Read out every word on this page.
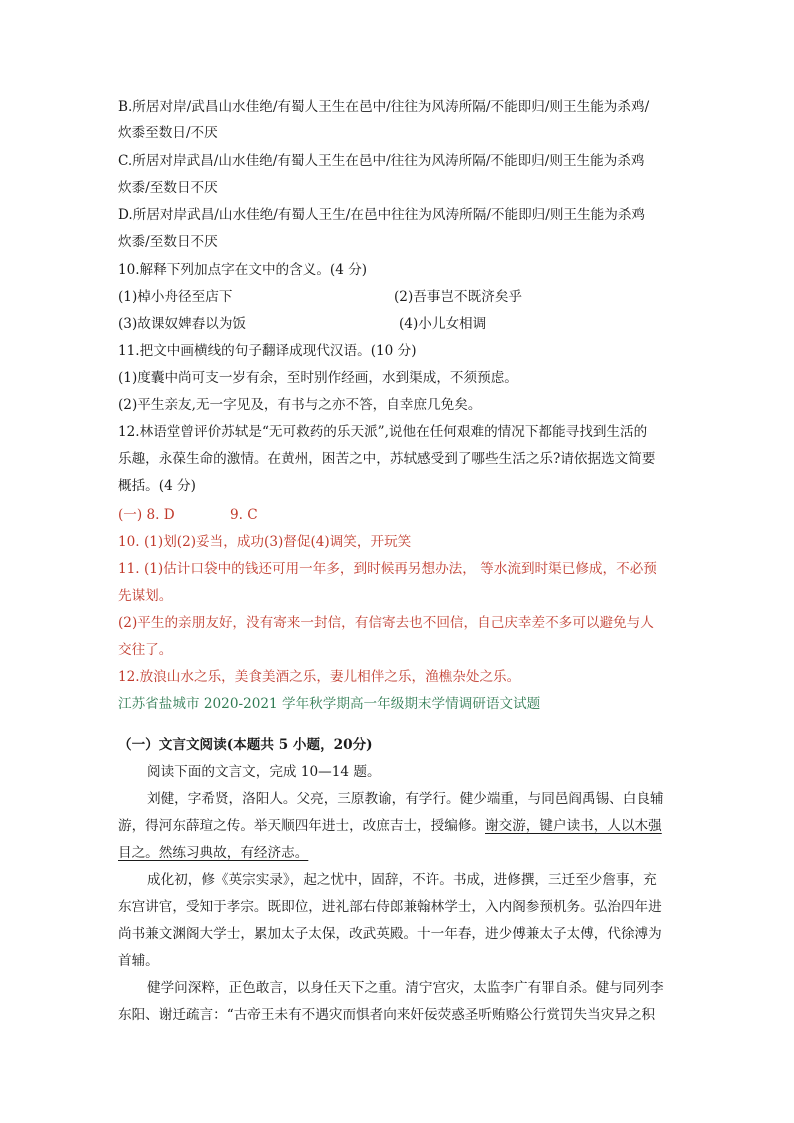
B.所居对岸/武昌山水佳绝/有蜀人王生在邑中/往往为风涛所隔/不能即归/则王生能为杀鸡/
炊黍至数日/不厌
C.所居对岸武昌/山水佳绝/有蜀人王生在邑中/往往为风涛所隔/不能即归/则王生能为杀鸡
炊黍/至数日不厌
D.所居对岸武昌/山水佳绝/有蜀人王生/在邑中往往为风涛所隔/不能即归/则王生能为杀鸡
炊黍/至数日不厌
10.解释下列加点字在文中的含义。(4 分)
(1)棹小舟径至店下	(2)吾事岂不既济矣乎
(3)故课奴婢舂以为饭	(4)小儿女相调
11.把文中画横线的句子翻译成现代汉语。(10 分)
(1)度囊中尚可支一岁有余，至时别作经画，水到渠成，不须预虑。
(2)平生亲友,无一字见及，有书与之亦不答，自幸庶几免矣。
12.林语堂曾评价苏轼是“无可救药的乐天派”,说他在任何艰难的情况下都能寻找到生活的
乐趣，永葆生命的激情。在黄州，困苦之中，苏轼感受到了哪些生活之乐?请依据选文简要
概括。(4 分)
(一) 8. D	9. C
10. (1)划(2)妥当，成功(3)督促(4)调笑，开玩笑
11. (1)估计口袋中的钱还可用一年多，到时候再另想办法， 等水流到时渠已修成，不必预
先谋划。
(2)平生的亲朋友好，没有寄来一封信，有信寄去也不回信，自己庆幸差不多可以避免与人
交往了。
12.放浪山水之乐，美食美酒之乐，妻儿相伴之乐，渔樵杂处之乐。
江苏省盐城市 2020-2021 学年秋学期高一年级期末学情调研语文试题
（一）文言文阅读(本题共 5 小题，20分)
阅读下面的文言文，完成 10—14 题。
刘健，字希贤，洛阳人。父亮，三原教谕，有学行。健少端重，与同邑阎禹锡、白良辅
游，得河东薛瑄之传。举天顺四年进士，改庶吉士，授编修。谢交游，键户读书，人以木强
目之。然练习典故，有经济志。
成化初，修《英宗实录》，起之忧中，固辞，不许。书成，进修撰，三迁至少詹事，充
东宫讲官，受知于孝宗。既即位，进礼部右侍郎兼翰林学士，入内阁参预机务。弘治四年进
尚书兼文渊阁大学士，累加太子太保，改武英殿。十一年春，进少傅兼太子太傅，代徐溥为
首辅。
健学问深粹，正色敢言，以身任天下之重。清宁宫灾，太监李广有罪自杀。健与同列李
东阳、谢迁疏言：“古帝王未有不遇灾而惧者向来奸佞荧惑圣听贿赂公行赏罚失当灾异之积
